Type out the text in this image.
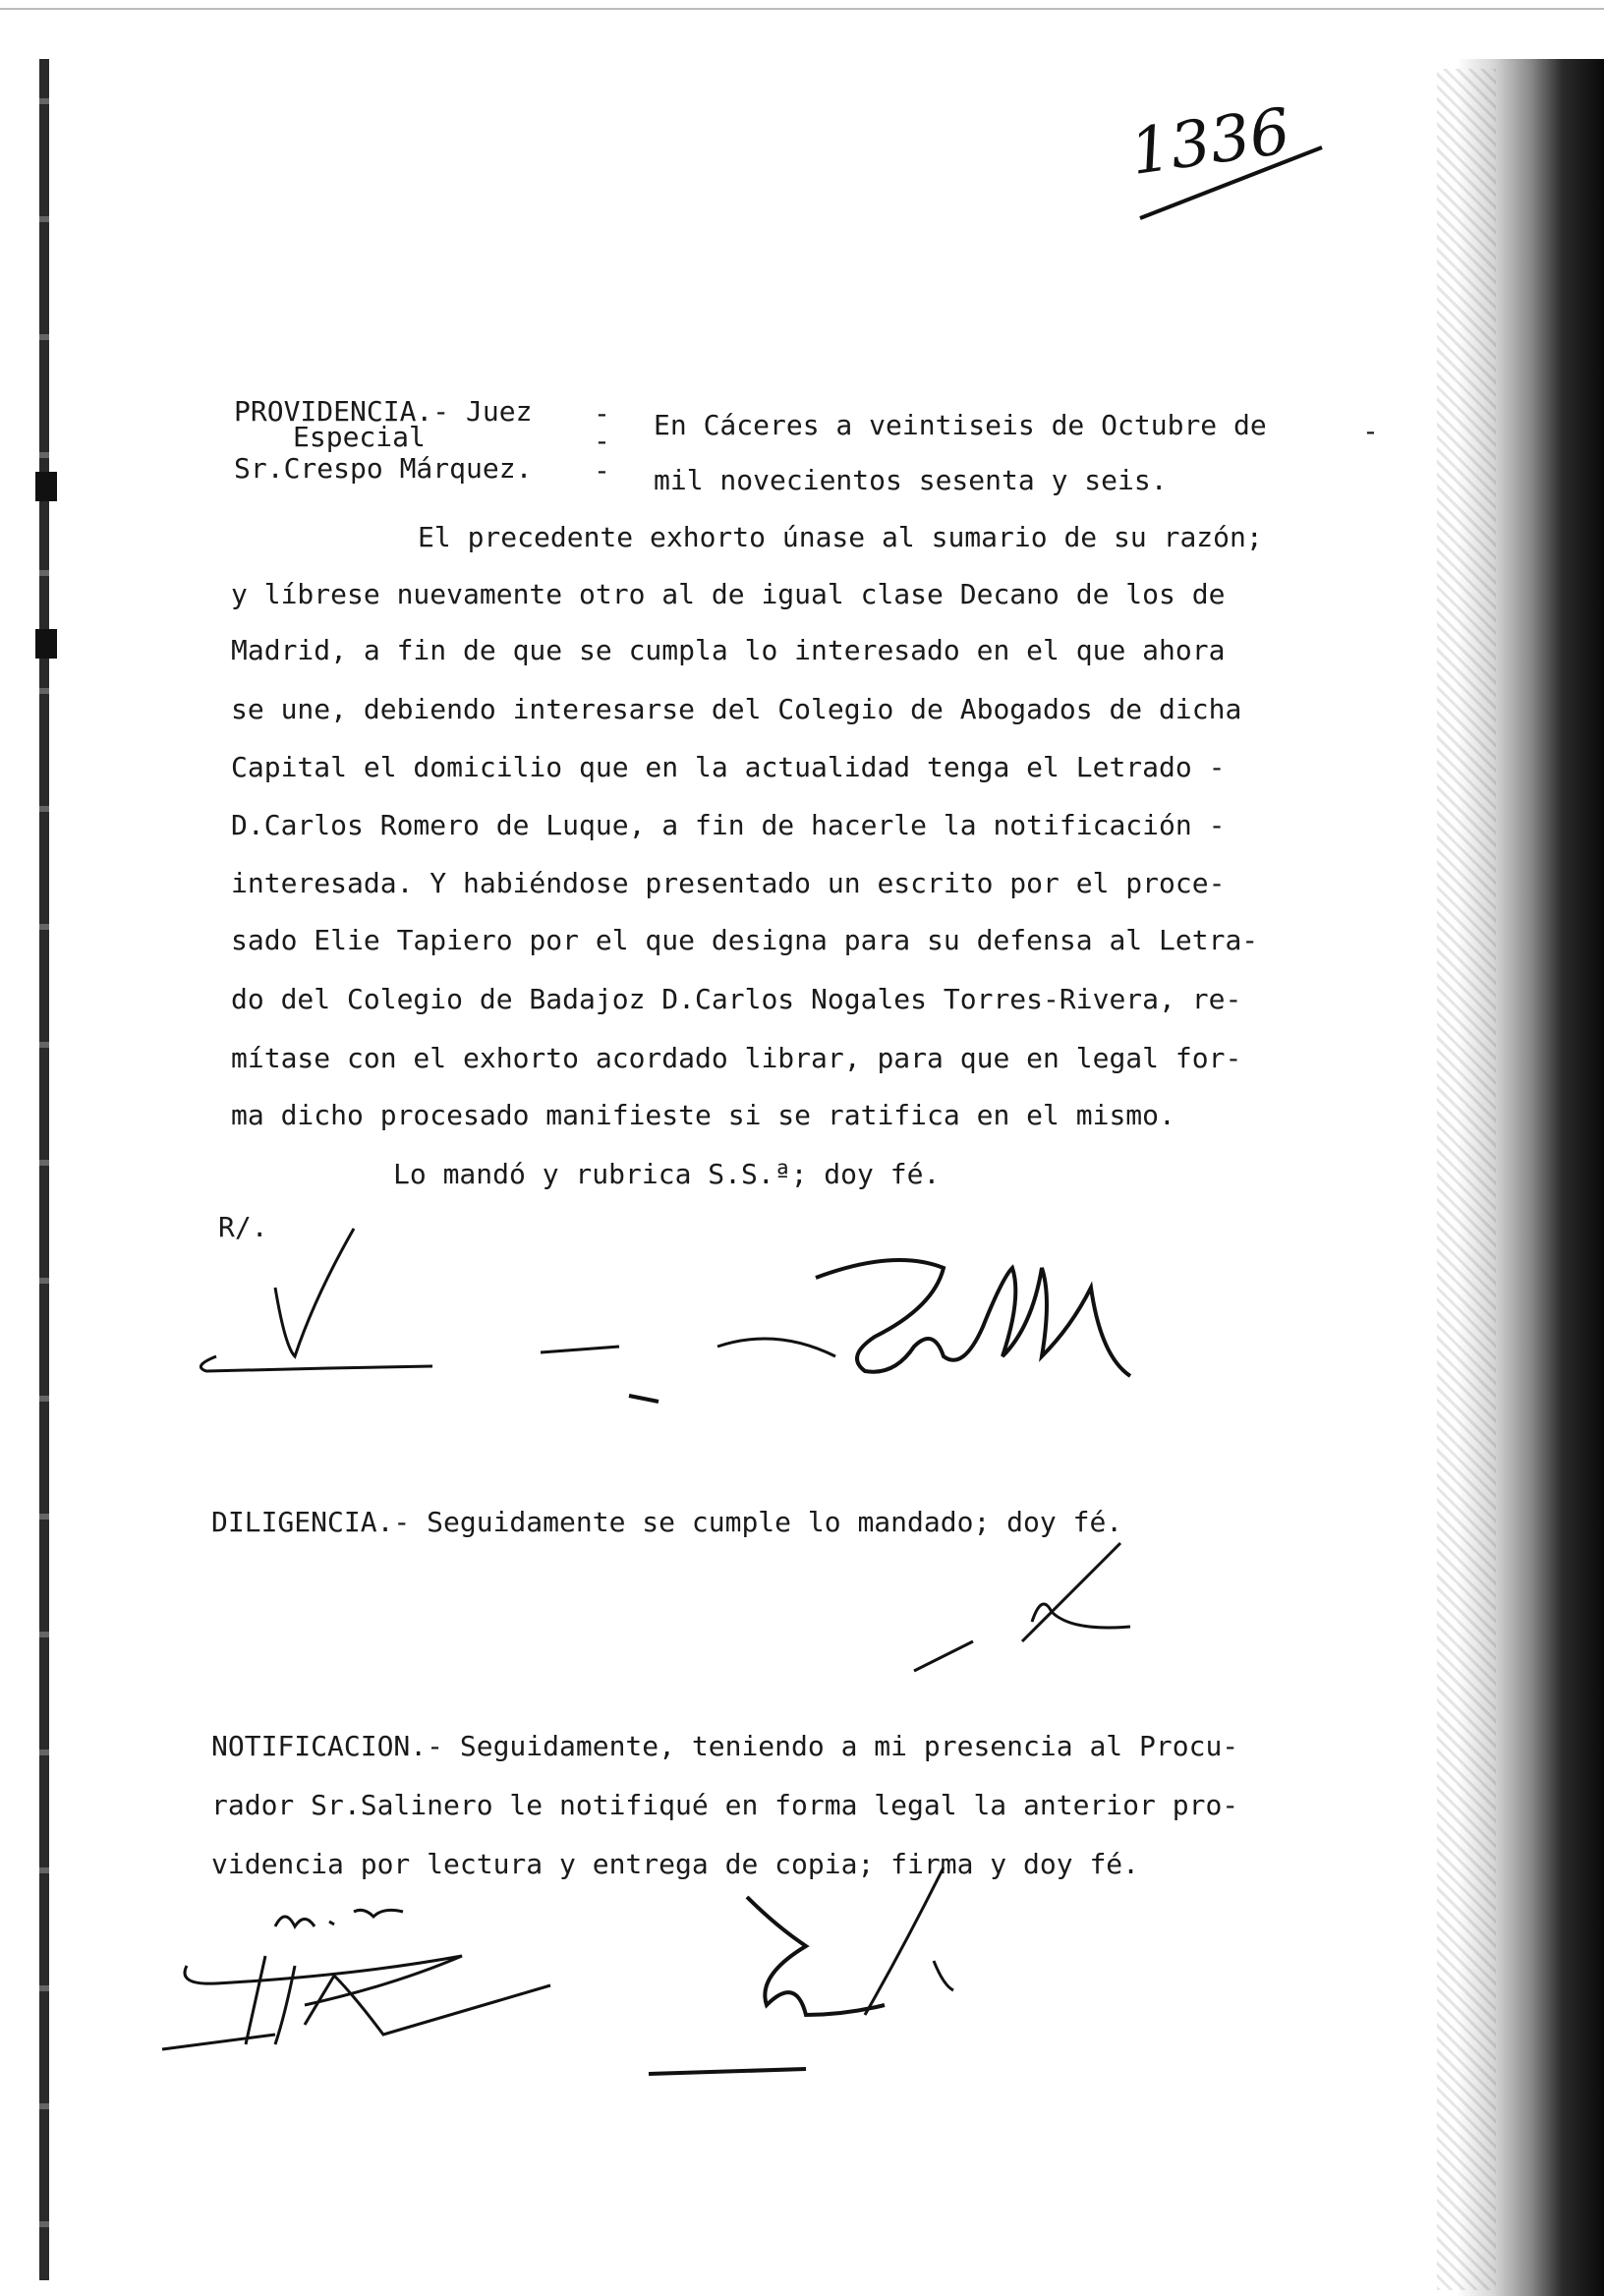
1336
PROVIDENCIA.- Juez
Especial
Sr.Crespo Márquez.
-
-
-
En Cáceres a veintiseis de Octubre de	-
mil novecientos sesenta y seis.
El precedente exhorto únase al sumario de su razón;
y líbrese nuevamente otro al de igual clase Decano de los de
Madrid, a fin de que se cumpla lo interesado en el que ahora
se une, debiendo interesarse del Colegio de Abogados de dicha
Capital el domicilio que en la actualidad tenga el Letrado -
D.Carlos Romero de Luque, a fin de hacerle la notificación -
interesada. Y habiéndose presentado un escrito por el proce-
sado Elie Tapiero por el que designa para su defensa al Letra-
do del Colegio de Badajoz D.Carlos Nogales Torres-Rivera, re-
mítase con el exhorto acordado librar, para que en legal for-
ma dicho procesado manifieste si se ratifica en el mismo.
Lo mandó y rubrica S.S.ª; doy fé.
R/.
DILIGENCIA.- Seguidamente se cumple lo mandado; doy fé.
NOTIFICACION.- Seguidamente, teniendo a mi presencia al Procu-
rador Sr.Salinero le notifiqué en forma legal la anterior pro-
videncia por lectura y entrega de copia; firma y doy fé.
